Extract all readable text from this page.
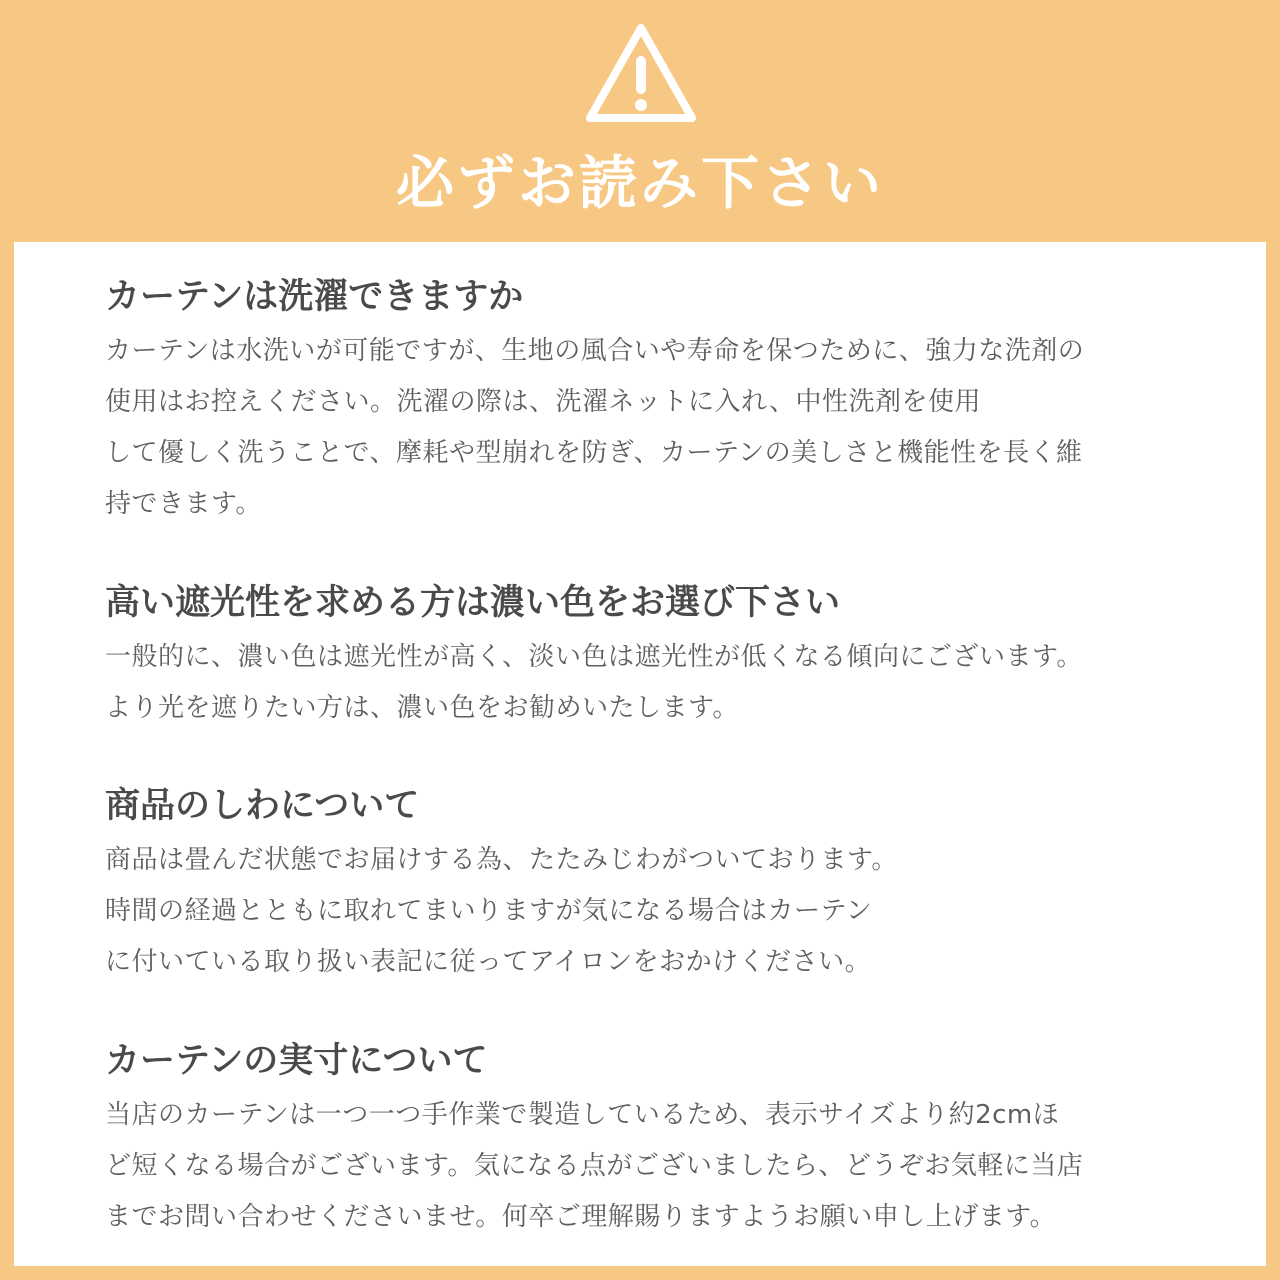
必ずお読み下さい
カーテンは洗濯できますか
カーテンは水洗いが可能ですが、生地の風合いや寿命を保つために、強力な洗剤の
使用はお控えください。洗濯の際は、洗濯ネットに入れ、中性洗剤を使用
して優しく洗うことで、摩耗や型崩れを防ぎ、カーテンの美しさと機能性を長く維
持できます。
高い遮光性を求める方は濃い色をお選び下さい
一般的に、濃い色は遮光性が高く、淡い色は遮光性が低くなる傾向にございます。
より光を遮りたい方は、濃い色をお勧めいたします。
商品のしわについて
商品は畳んだ状態でお届けする為、たたみじわがついております。
時間の経過とともに取れてまいりますが気になる場合はカーテン
に付いている取り扱い表記に従ってアイロンをおかけください。
カーテンの実寸について
当店のカーテンは一つ一つ手作業で製造しているため、表示サイズより約2cmほ
ど短くなる場合がございます。気になる点がございましたら、どうぞお気軽に当店
までお問い合わせくださいませ。何卒ご理解賜りますようお願い申し上げます。
